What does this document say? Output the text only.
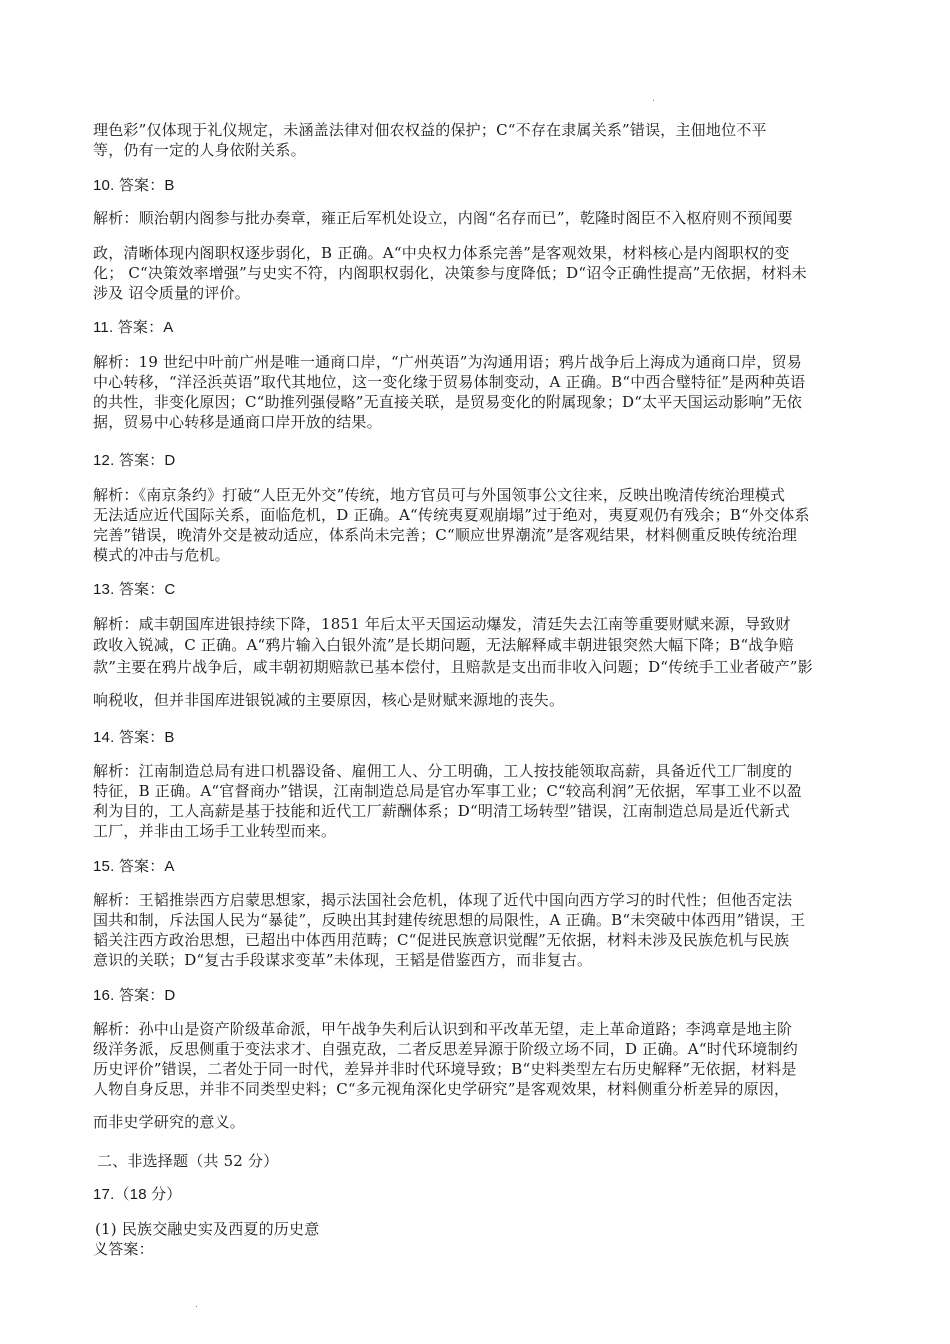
.
理色彩”仅体现于礼仪规定，未涵盖法律对佃农权益的保护；C“不存在隶属关系”错误，主佃地位不平
等，仍有一定的人身依附关系。
10. 答案：B
解析：顺治朝内阁参与批办奏章，雍正后军机处设立，内阁“名存而已”，乾隆时阁臣不入枢府则不预闻要
政，清晰体现内阁职权逐步弱化，B 正确。A“中央权力体系完善”是客观效果，材料核心是内阁职权的变
化； C“决策效率增强”与史实不符，内阁职权弱化，决策参与度降低；D“诏令正确性提高”无依据，材料未
涉及 诏令质量的评价。
11. 答案：A
解析：19 世纪中叶前广州是唯一通商口岸，“广州英语”为沟通用语；鸦片战争后上海成为通商口岸，贸易
中心转移，“洋泾浜英语”取代其地位，这一变化缘于贸易体制变动，A 正确。B“中西合璧特征”是两种英语
的共性，非变化原因；C“助推列强侵略”无直接关联，是贸易变化的附属现象；D“太平天国运动影响”无依
据，贸易中心转移是通商口岸开放的结果。
12. 答案：D
解析：《南京条约》打破“人臣无外交”传统，地方官员可与外国领事公文往来，反映出晚清传统治理模式
无法适应近代国际关系，面临危机，D 正确。A“传统夷夏观崩塌”过于绝对，夷夏观仍有残余；B“外交体系
完善”错误，晚清外交是被动适应，体系尚未完善；C“顺应世界潮流”是客观结果，材料侧重反映传统治理
模式的冲击与危机。
13. 答案：C
解析：咸丰朝国库进银持续下降，1851 年后太平天国运动爆发，清廷失去江南等重要财赋来源，导致财
政收入锐减，C 正确。A“鸦片输入白银外流”是长期问题，无法解释咸丰朝进银突然大幅下降；B“战争赔
款”主要在鸦片战争后，咸丰朝初期赔款已基本偿付，且赔款是支出而非收入问题；D“传统手工业者破产”影
响税收，但并非国库进银锐减的主要原因，核心是财赋来源地的丧失。
14. 答案：B
解析：江南制造总局有进口机器设备、雇佣工人、分工明确，工人按技能领取高薪，具备近代工厂制度的
特征，B 正确。A“官督商办”错误，江南制造总局是官办军事工业；C“较高利润”无依据，军事工业不以盈
利为目的，工人高薪是基于技能和近代工厂薪酬体系；D“明清工场转型”错误，江南制造总局是近代新式
工厂，并非由工场手工业转型而来。
15. 答案：A
解析：王韬推崇西方启蒙思想家，揭示法国社会危机，体现了近代中国向西方学习的时代性；但他否定法
国共和制，斥法国人民为“暴徒”，反映出其封建传统思想的局限性，A 正确。B“未突破中体西用”错误，王
韬关注西方政治思想，已超出中体西用范畴；C“促进民族意识觉醒”无依据，材料未涉及民族危机与民族
意识的关联；D“复古手段谋求变革”未体现，王韬是借鉴西方，而非复古。
16. 答案：D
解析：孙中山是资产阶级革命派，甲午战争失利后认识到和平改革无望，走上革命道路；李鸿章是地主阶
级洋务派，反思侧重于变法求才、自强克敌，二者反思差异源于阶级立场不同，D 正确。A“时代环境制约
历史评价”错误，二者处于同一时代，差异并非时代环境导致；B“史料类型左右历史解释”无依据，材料是
人物自身反思，并非不同类型史料；C“多元视角深化史学研究”是客观效果，材料侧重分析差异的原因，
而非史学研究的意义。
二、非选择题（共 52 分）
17.（18 分）
(1) 民族交融史实及西夏的历史意
义答案：
.
